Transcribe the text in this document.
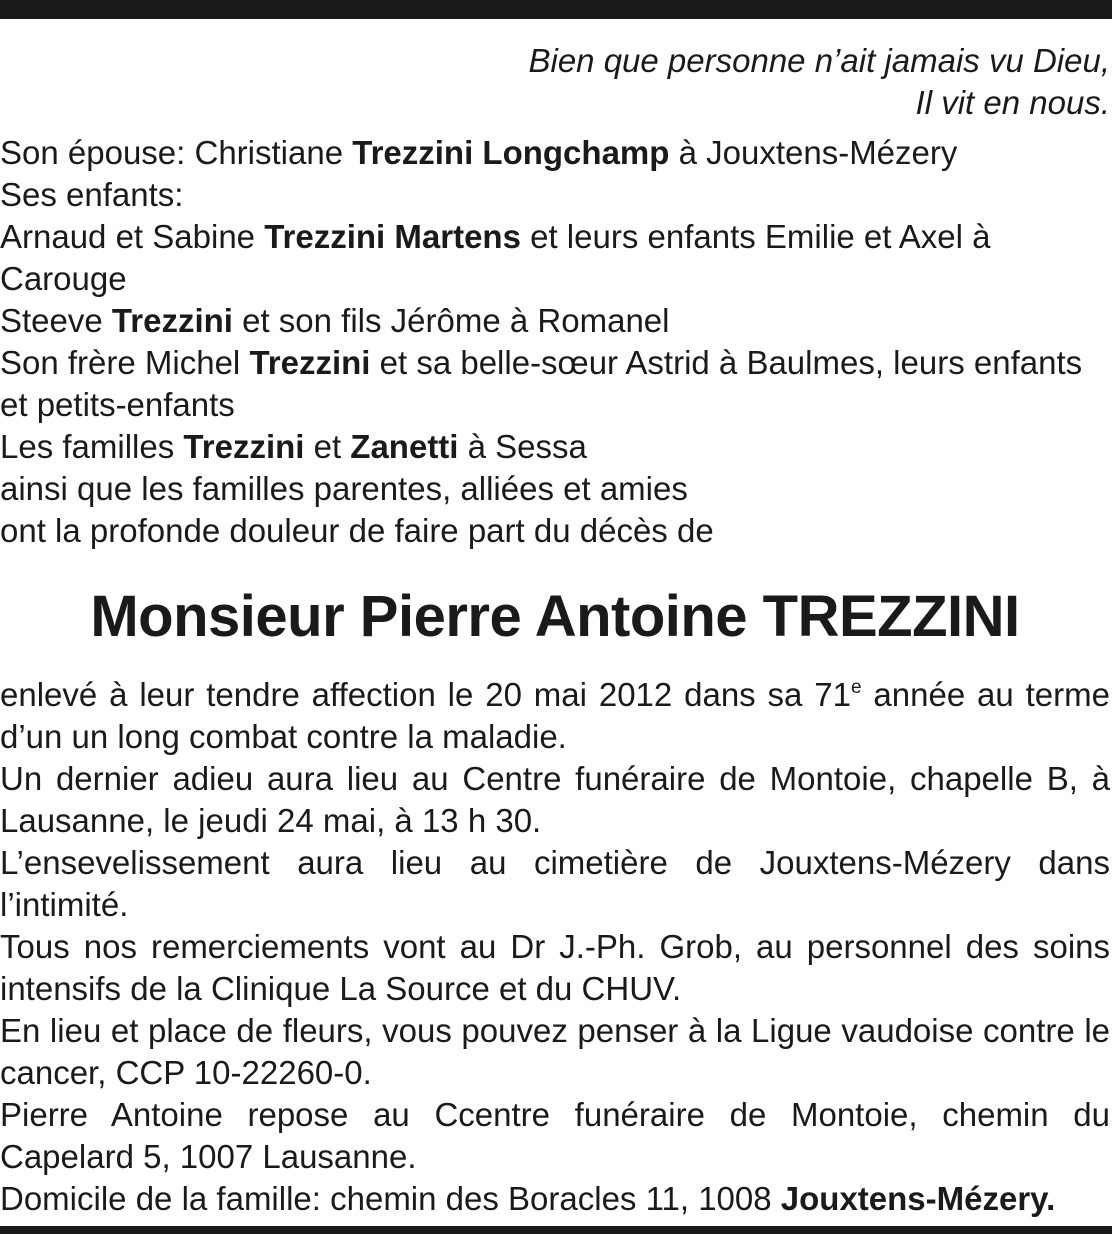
Bien que personne n’ait jamais vu Dieu,
Il vit en nous.

Son épouse: Christiane Trezzini Longchamp à Jouxtens-Mézery

Ses enfants:

Arnaud et Sabine Trezzini Martens et leurs enfants Emilie et Axel à Carouge

Steeve Trezzini et son fils Jérôme à Romanel

Son frère Michel Trezzini et sa belle-sœur Astrid à Baulmes, leurs enfants et petits-enfants

Les familles Trezzini et Zanetti à Sessa

ainsi que les familles parentes, alliées et amies

ont la profonde douleur de faire part du décès de

Monsieur Pierre Antoine TREZZINI

enlevé à leur tendre affection le 20 mai 2012 dans sa 71e année au terme d’un un long combat contre la maladie.

Un dernier adieu aura lieu au Centre funéraire de Montoie, chapelle B, à Lausanne, le jeudi 24 mai, à 13 h 30.

L’ensevelissement aura lieu au cimetière de Jouxtens-Mézery dans l’intimité.

Tous nos remerciements vont au Dr J.-Ph. Grob, au personnel des soins intensifs de la Clinique La Source et du CHUV.

En lieu et place de fleurs, vous pouvez penser à la Ligue vaudoise contre le cancer, CCP 10-22260-0.

Pierre Antoine repose au Ccentre funéraire de Montoie, chemin du Capelard 5, 1007 Lausanne.

Domicile de la famille: chemin des Boracles 11, 1008 Jouxtens-Mézery.
